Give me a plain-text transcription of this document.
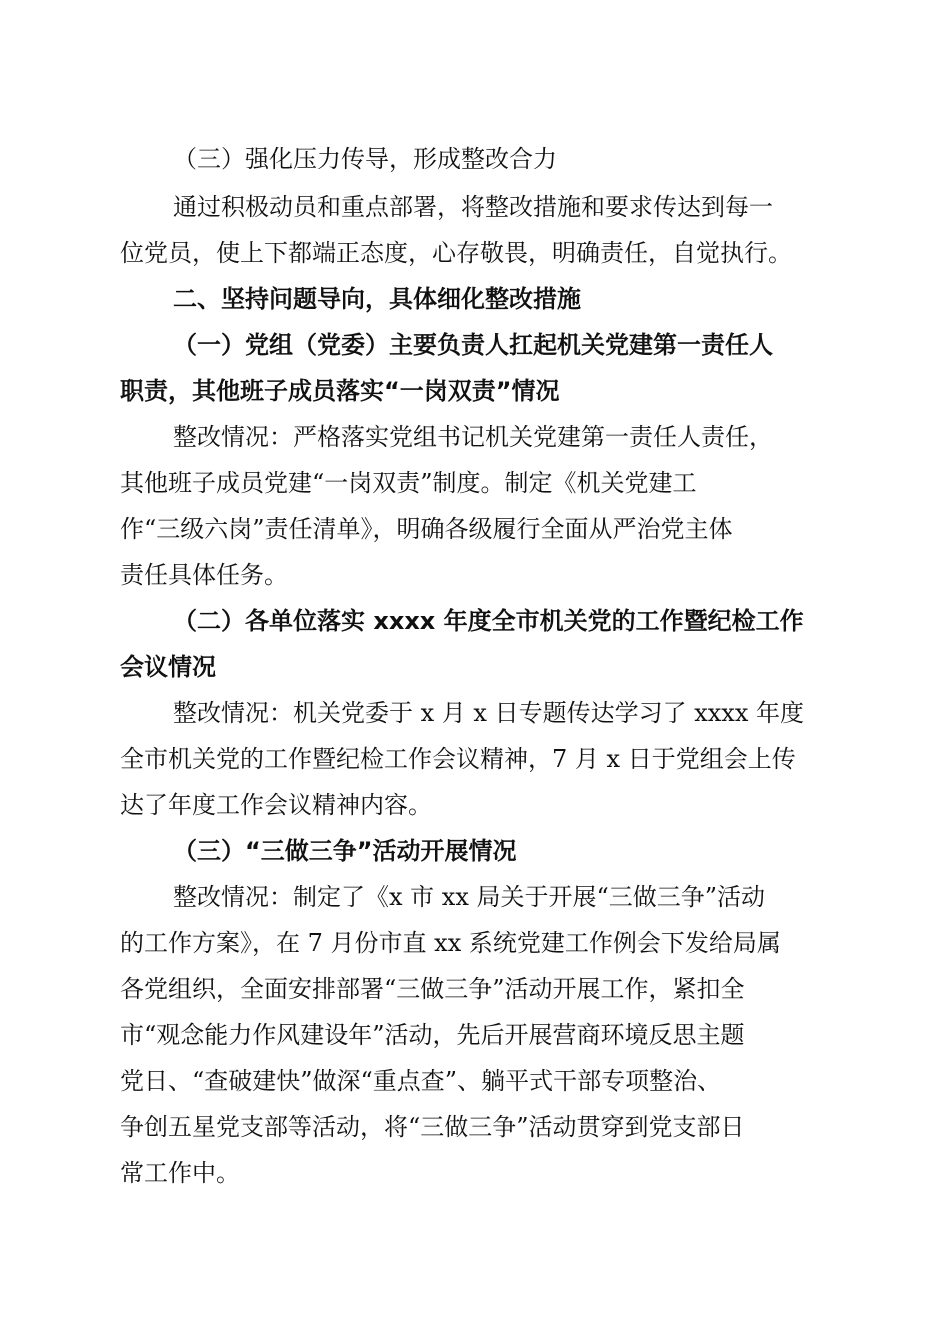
（三）强化压力传导，形成整改合力
通过积极动员和重点部署，将整改措施和要求传达到每一
位党员，使上下都端正态度，心存敬畏，明确责任，自觉执行。
二、坚持问题导向，具体细化整改措施
（一）党组（党委）主要负责人扛起机关党建第一责任人
职责，其他班子成员落实“一岗双责”情况
整改情况：严格落实党组书记机关党建第一责任人责任，
其他班子成员党建“一岗双责”制度。制定《机关党建工
作“三级六岗”责任清单》，明确各级履行全面从严治党主体
责任具体任务。
（二）各单位落实 xxxx 年度全市机关党的工作暨纪检工作
会议情况
整改情况：机关党委于 x 月 x 日专题传达学习了 xxxx 年度
全市机关党的工作暨纪检工作会议精神，7 月 x 日于党组会上传
达了年度工作会议精神内容。
（三）“三做三争”活动开展情况
整改情况：制定了《x 市 xx 局关于开展“三做三争”活动
的工作方案》，在 7 月份市直 xx 系统党建工作例会下发给局属
各党组织，全面安排部署“三做三争”活动开展工作，紧扣全
市“观念能力作风建设年”活动，先后开展营商环境反思主题
党日、“查破建快”做深“重点查”、躺平式干部专项整治、
争创五星党支部等活动，将“三做三争”活动贯穿到党支部日
常工作中。
